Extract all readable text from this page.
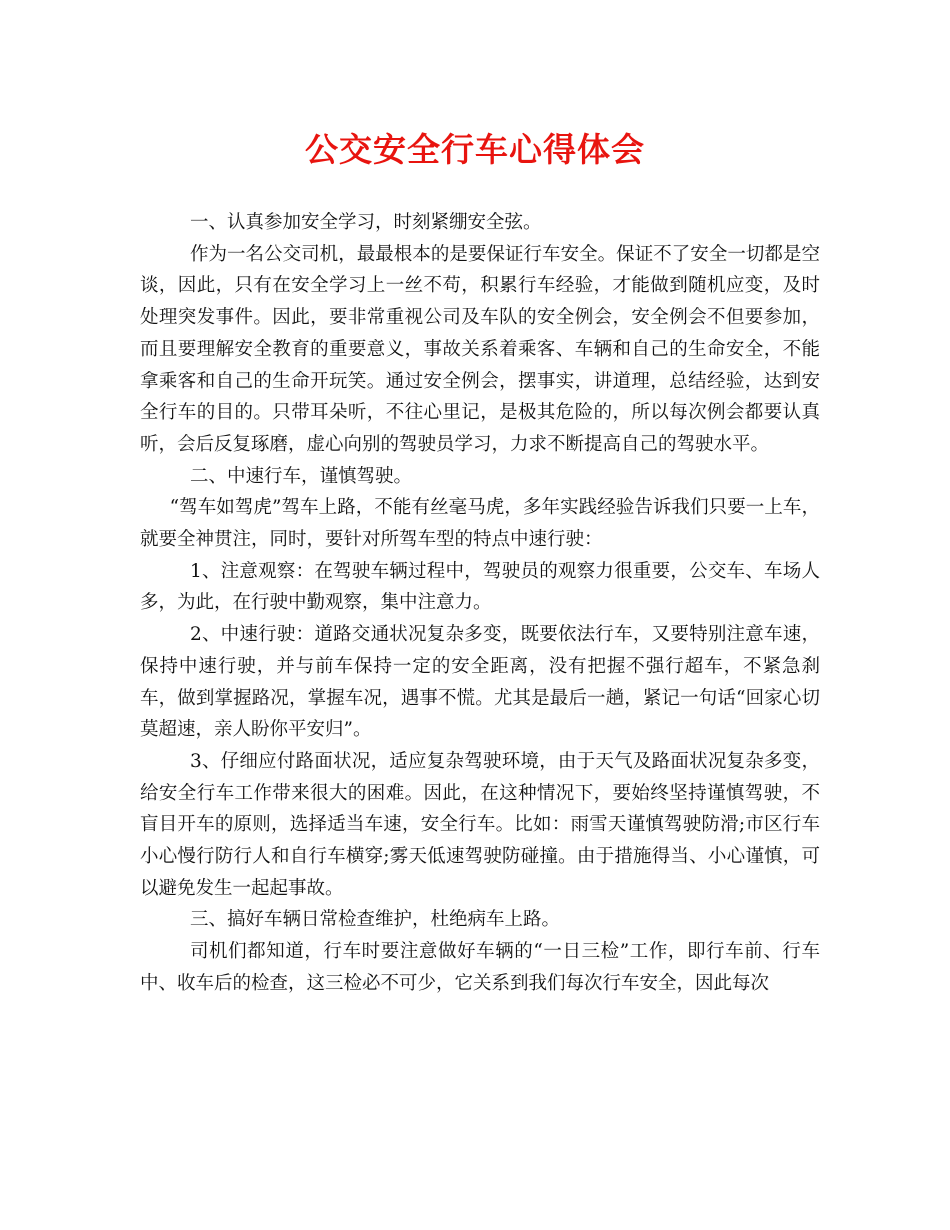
公交安全行车心得体会

一、认真参加安全学习，时刻紧绷安全弦。

作为一名公交司机，最最根本的是要保证行车安全。保证不了安全一切都是空谈，因此，只有在安全学习上一丝不苟，积累行车经验，才能做到随机应变，及时处理突发事件。因此，要非常重视公司及车队的安全例会，安全例会不但要参加，而且要理解安全教育的重要意义，事故关系着乘客、车辆和自己的生命安全，不能拿乘客和自己的生命开玩笑。通过安全例会，摆事实，讲道理，总结经验，达到安全行车的目的。只带耳朵听，不往心里记，是极其危险的，所以每次例会都要认真听，会后反复琢磨，虚心向别的驾驶员学习，力求不断提高自己的驾驶水平。

二、中速行车，谨慎驾驶。

“驾车如驾虎”驾车上路，不能有丝毫马虎，多年实践经验告诉我们只要一上车，就要全神贯注，同时，要针对所驾车型的特点中速行驶：

1、注意观察：在驾驶车辆过程中，驾驶员的观察力很重要，公交车、车场人多，为此，在行驶中勤观察，集中注意力。

2、中速行驶：道路交通状况复杂多变，既要依法行车，又要特别注意车速，保持中速行驶，并与前车保持一定的安全距离，没有把握不强行超车，不紧急刹车，做到掌握路况，掌握车况，遇事不慌。尤其是最后一趟，紧记一句话“回家心切莫超速，亲人盼你平安归”。

3、仔细应付路面状况，适应复杂驾驶环境，由于天气及路面状况复杂多变，给安全行车工作带来很大的困难。因此，在这种情况下，要始终坚持谨慎驾驶，不盲目开车的原则，选择适当车速，安全行车。比如：雨雪天谨慎驾驶防滑;市区行车小心慢行防行人和自行车横穿;雾天低速驾驶防碰撞。由于措施得当、小心谨慎，可以避免发生一起起事故。

三、搞好车辆日常检查维护，杜绝病车上路。

司机们都知道，行车时要注意做好车辆的“一日三检”工作，即行车前、行车中、收车后的检查，这三检必不可少，它关系到我们每次行车安全，因此每次
